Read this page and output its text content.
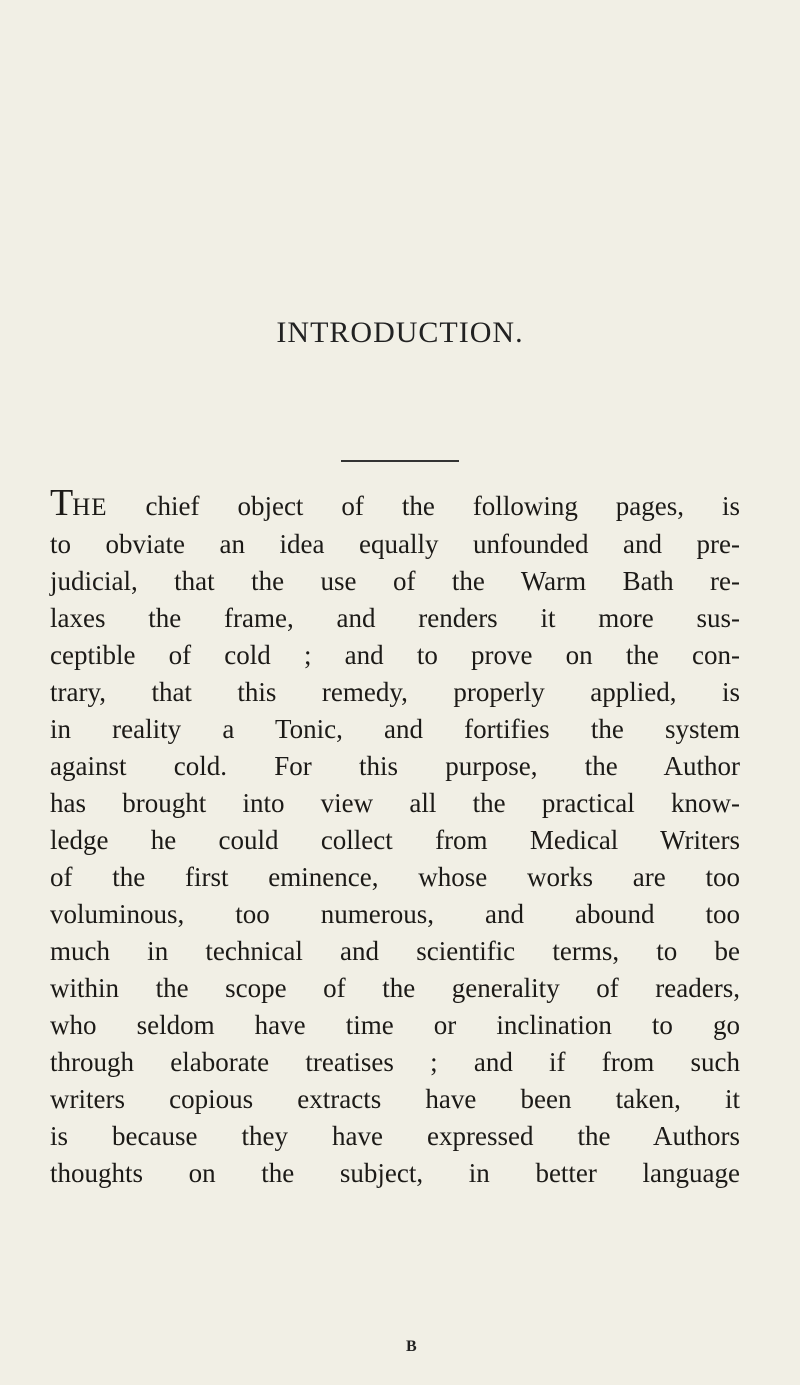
INTRODUCTION.
THE chief object of the following pages, is
to obviate an idea equally unfounded and pre-
judicial, that the use of the Warm Bath re-
laxes the frame, and renders it more sus-
ceptible of cold ; and to prove on the con-
trary, that this remedy, properly applied, is
in reality a Tonic, and fortifies the system
against cold. For this purpose, the Author
has brought into view all the practical know-
ledge he could collect from Medical Writers
of the first eminence, whose works are too
voluminous, too numerous, and abound too
much in technical and scientific terms, to be
within the scope of the generality of readers,
who seldom have time or inclination to go
through elaborate treatises ; and if from such
writers copious extracts have been taken, it
is because they have expressed the Authors
thoughts on the subject, in better language
B
